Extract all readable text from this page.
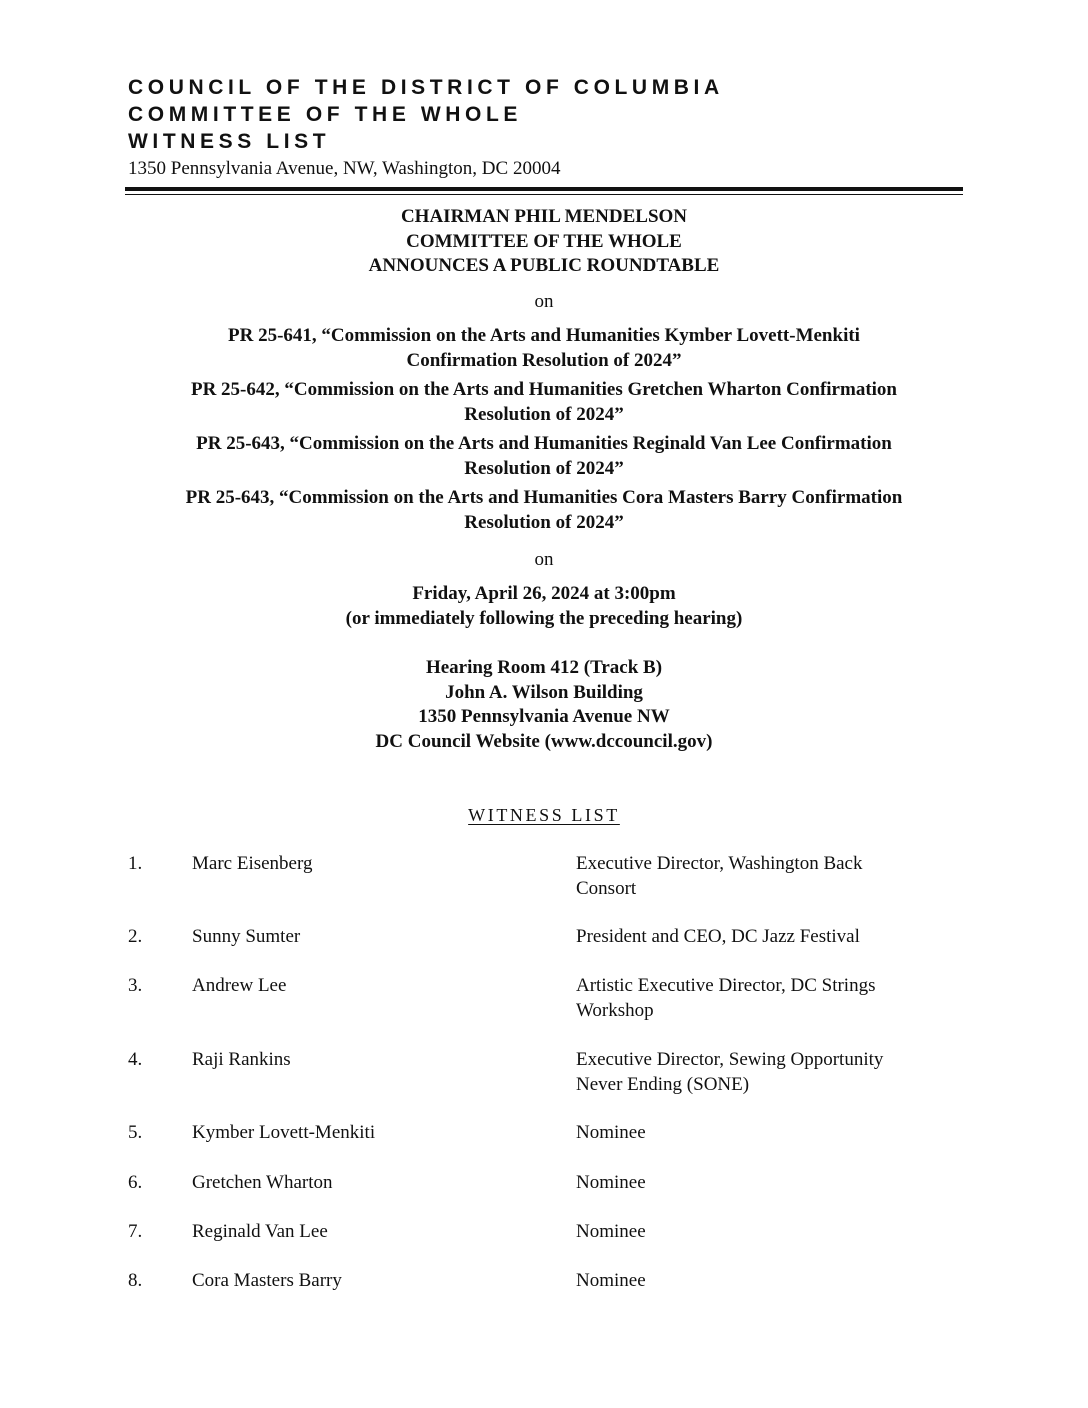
COUNCIL OF THE DISTRICT OF COLUMBIA
COMMITTEE OF THE WHOLE
WITNESS LIST
1350 Pennsylvania Avenue, NW, Washington, DC 20004
CHAIRMAN PHIL MENDELSON
COMMITTEE OF THE WHOLE
ANNOUNCES A PUBLIC ROUNDTABLE
on
PR 25-641, “Commission on the Arts and Humanities Kymber Lovett-Menkiti
Confirmation Resolution of 2024”
PR 25-642, “Commission on the Arts and Humanities Gretchen Wharton Confirmation
Resolution of 2024”
PR 25-643, “Commission on the Arts and Humanities Reginald Van Lee Confirmation
Resolution of 2024”
PR 25-643, “Commission on the Arts and Humanities Cora Masters Barry Confirmation
Resolution of 2024”
on
Friday, April 26, 2024 at 3:00pm
(or immediately following the preceding hearing)
Hearing Room 412 (Track B)
John A. Wilson Building
1350 Pennsylvania Avenue NW
DC Council Website (www.dccouncil.gov)
WITNESS LIST
1.	Marc Eisenberg	Executive Director, Washington Back
Consort
2.	Sunny Sumter	President and CEO, DC Jazz Festival
3.	Andrew Lee	Artistic Executive Director, DC Strings
Workshop
4.	Raji Rankins	Executive Director, Sewing Opportunity
Never Ending (SONE)
5.	Kymber Lovett-Menkiti	Nominee
6.	Gretchen Wharton	Nominee
7.	Reginald Van Lee	Nominee
8.	Cora Masters Barry	Nominee
